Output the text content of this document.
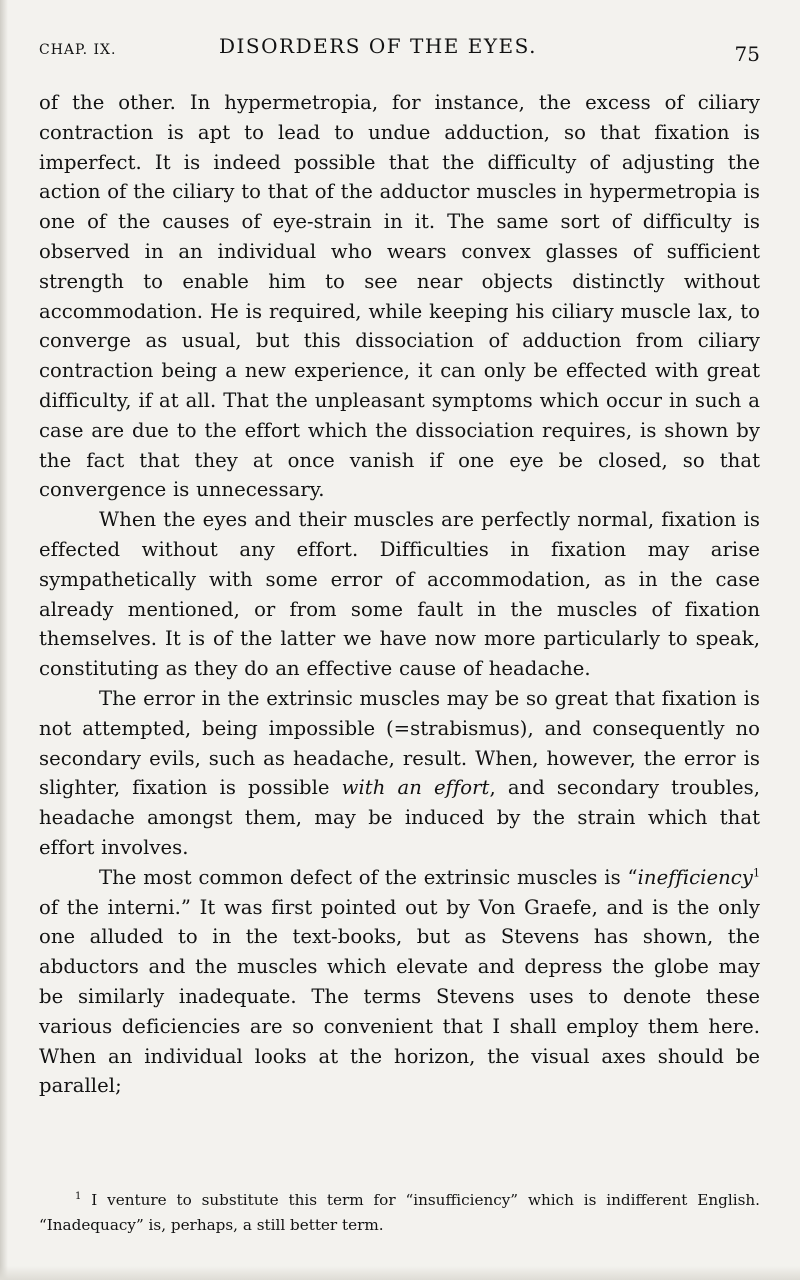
CHAP. IX.	DISORDERS OF THE EYES.	75

of the other. In hypermetropia, for instance, the excess of ciliary contraction is apt to lead to undue adduction, so that fixation is imperfect. It is indeed possible that the difficulty of adjusting the action of the ciliary to that of the adductor muscles in hypermetropia is one of the causes of eye-strain in it. The same sort of difficulty is observed in an individual who wears convex glasses of sufficient strength to enable him to see near objects distinctly without accommodation. He is required, while keeping his ciliary muscle lax, to converge as usual, but this dissociation of adduction from ciliary contraction being a new experience, it can only be effected with great difficulty, if at all. That the unpleasant symptoms which occur in such a case are due to the effort which the dissociation requires, is shown by the fact that they at once vanish if one eye be closed, so that convergence is unnecessary.

When the eyes and their muscles are perfectly normal, fixation is effected without any effort. Difficulties in fixation may arise sympathetically with some error of accommodation, as in the case already mentioned, or from some fault in the muscles of fixation themselves. It is of the latter we have now more particularly to speak, constituting as they do an effective cause of headache.

The error in the extrinsic muscles may be so great that fixation is not attempted, being impossible (=strabismus), and consequently no secondary evils, such as headache, result. When, however, the error is slighter, fixation is possible with an effort, and secondary troubles, headache amongst them, may be induced by the strain which that effort involves.

The most common defect of the extrinsic muscles is “inefficiency$^1$ of the interni.” It was first pointed out by Von Graefe, and is the only one alluded to in the text-books, but as Stevens has shown, the abductors and the muscles which elevate and depress the globe may be similarly inadequate. The terms Stevens uses to denote these various deficiencies are so convenient that I shall employ them here. When an individual looks at the horizon, the visual axes should be parallel;

$^1$ I venture to substitute this term for “insufficiency” which is indifferent English. “Inadequacy” is, perhaps, a still better term.
